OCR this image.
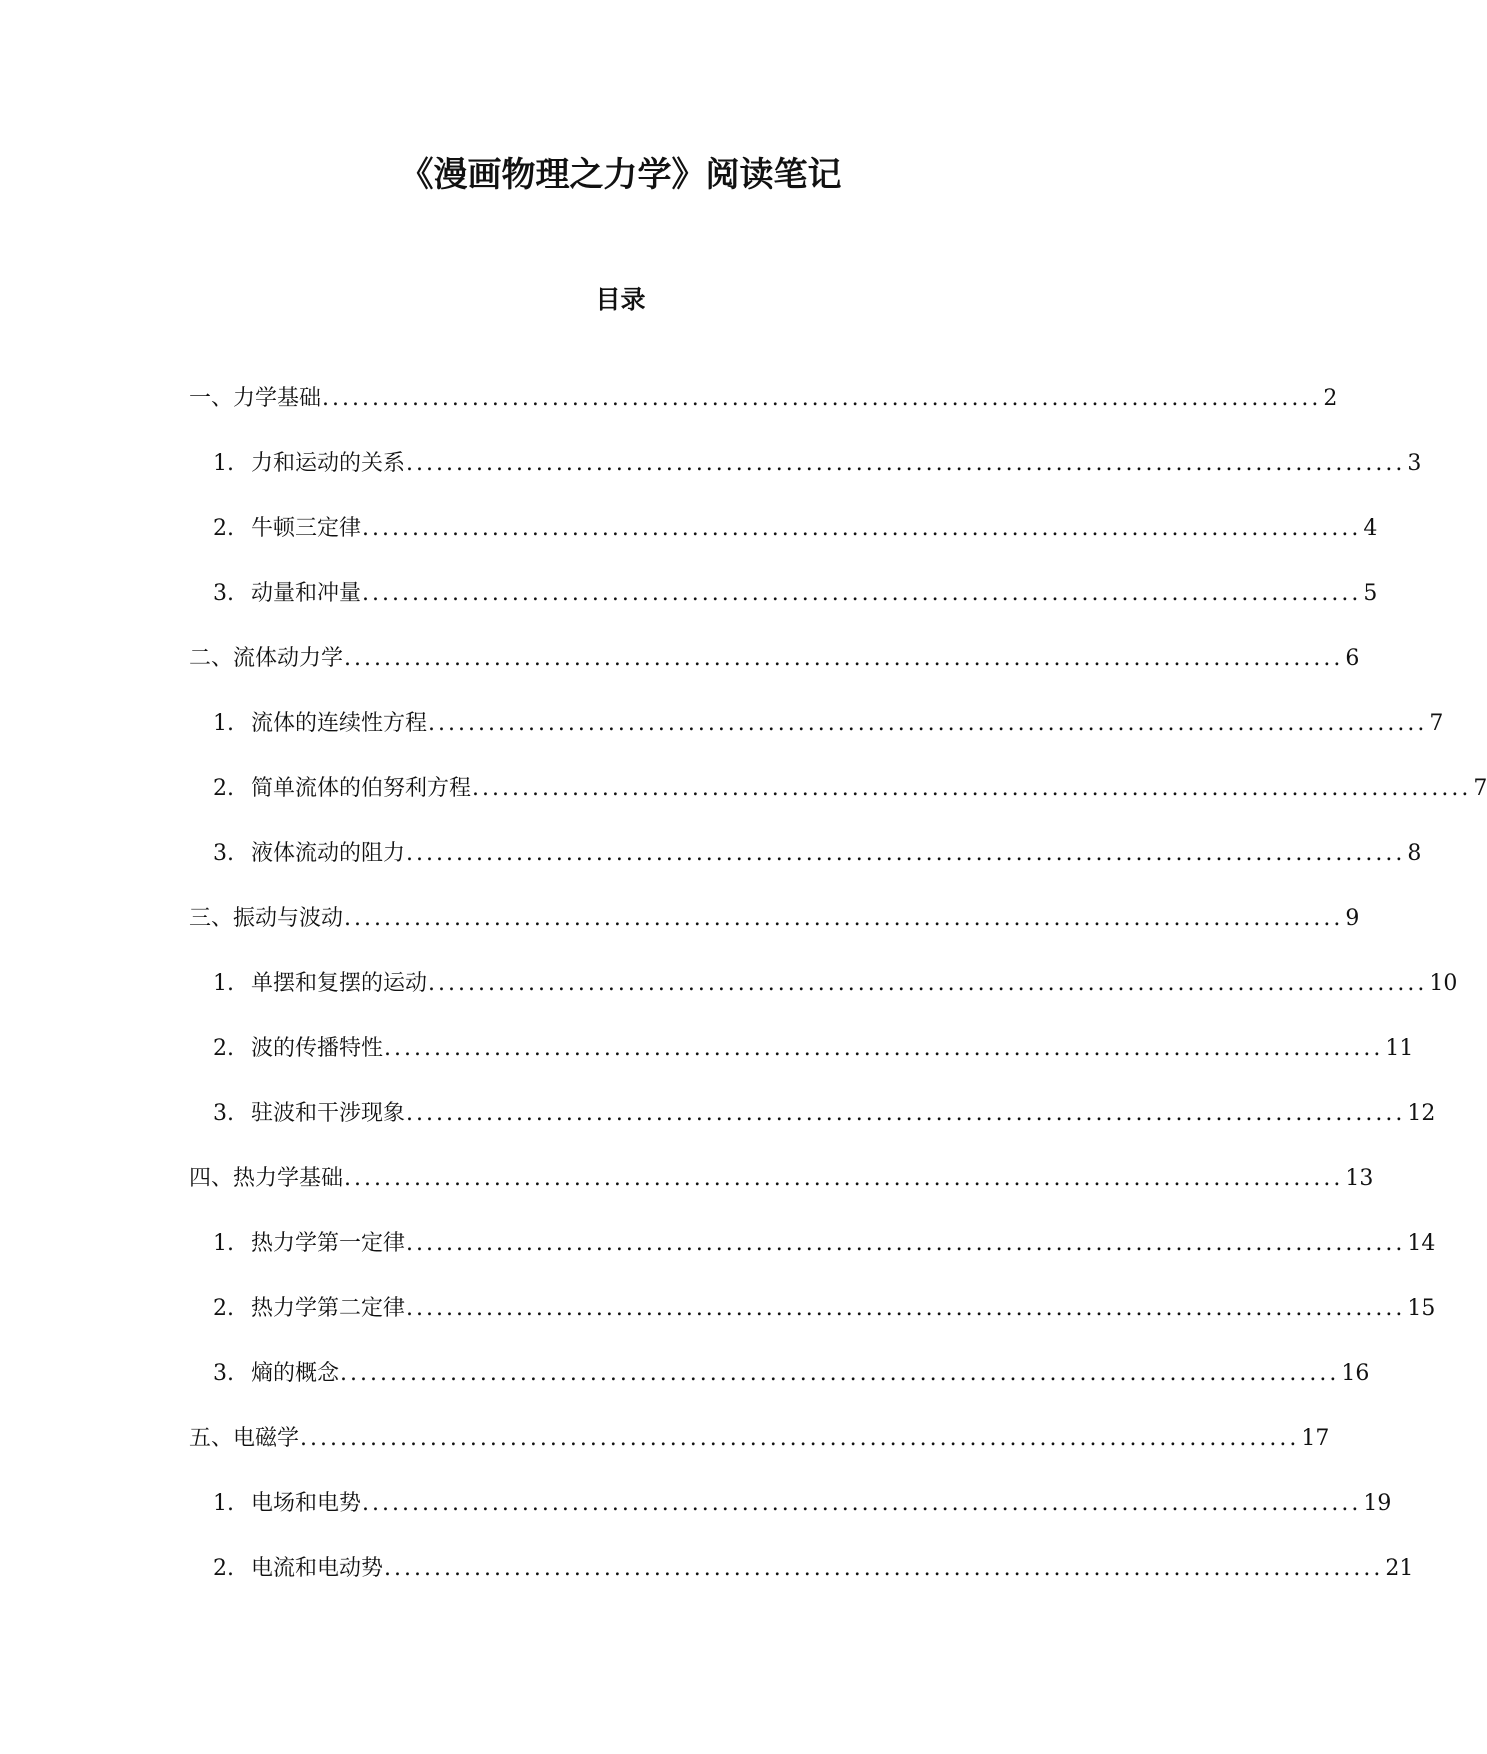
《漫画物理之力学》阅读笔记
目录
一、力学基础 .................................................................................................... 2
1. 力和运动的关系 .................................................................................................... 3
2. 牛顿三定律 .................................................................................................... 4
3. 动量和冲量 .................................................................................................... 5
二、流体动力学 .................................................................................................... 6
1. 流体的连续性方程 .................................................................................................... 7
2. 简单流体的伯努利方程 .................................................................................................... 7
3. 液体流动的阻力 .................................................................................................... 8
三、振动与波动 .................................................................................................... 9
1. 单摆和复摆的运动 .................................................................................................... 10
2. 波的传播特性 .................................................................................................... 11
3. 驻波和干涉现象 .................................................................................................... 12
四、热力学基础 .................................................................................................... 13
1. 热力学第一定律 .................................................................................................... 14
2. 热力学第二定律 .................................................................................................... 15
3. 熵的概念 .................................................................................................... 16
五、电磁学 .................................................................................................... 17
1. 电场和电势 .................................................................................................... 19
2. 电流和电动势 .................................................................................................... 21
